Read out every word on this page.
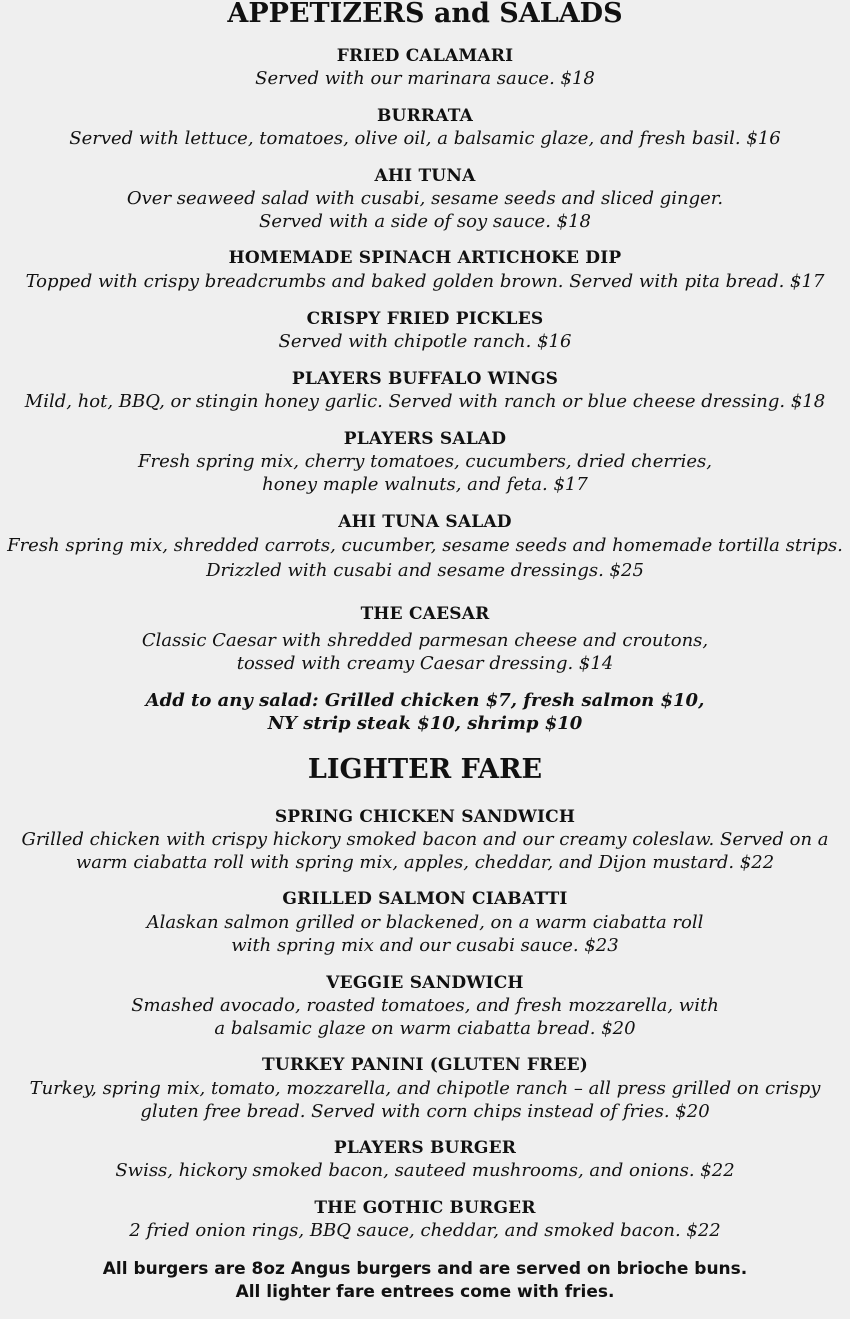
APPETIZERS and SALADS
FRIED CALAMARI
Served with our marinara sauce. $18
BURRATA
Served with lettuce, tomatoes, olive oil, a balsamic glaze, and fresh basil. $16
AHI TUNA
Over seaweed salad with cusabi, sesame seeds and sliced ginger.
Served with a side of soy sauce. $18
HOMEMADE SPINACH ARTICHOKE DIP
Topped with crispy breadcrumbs and baked golden brown. Served with pita bread. $17
CRISPY FRIED PICKLES
Served with chipotle ranch. $16
PLAYERS BUFFALO WINGS
Mild, hot, BBQ, or stingin honey garlic. Served with ranch or blue cheese dressing. $18
PLAYERS SALAD
Fresh spring mix, cherry tomatoes, cucumbers, dried cherries,
honey maple walnuts, and feta. $17
AHI TUNA SALAD
Fresh spring mix, shredded carrots, cucumber, sesame seeds and homemade tortilla strips.
Drizzled with cusabi and sesame dressings. $25
THE CAESAR
Classic Caesar with shredded parmesan cheese and croutons,
tossed with creamy Caesar dressing. $14
Add to any salad: Grilled chicken $7, fresh salmon $10,
NY strip steak $10, shrimp $10
LIGHTER FARE
SPRING CHICKEN SANDWICH
Grilled chicken with crispy hickory smoked bacon and our creamy coleslaw. Served on a
warm ciabatta roll with spring mix, apples, cheddar, and Dijon mustard. $22
GRILLED SALMON CIABATTI
Alaskan salmon grilled or blackened, on a warm ciabatta roll
with spring mix and our cusabi sauce. $23
VEGGIE SANDWICH
Smashed avocado, roasted tomatoes, and fresh mozzarella, with
a balsamic glaze on warm ciabatta bread. $20
TURKEY PANINI (GLUTEN FREE)
Turkey, spring mix, tomato, mozzarella, and chipotle ranch – all press grilled on crispy
gluten free bread. Served with corn chips instead of fries. $20
PLAYERS BURGER
Swiss, hickory smoked bacon, sauteed mushrooms, and onions. $22
THE GOTHIC BURGER
2 fried onion rings, BBQ sauce, cheddar, and smoked bacon. $22
All burgers are 8oz Angus burgers and are served on brioche buns.
All lighter fare entrees come with fries.
